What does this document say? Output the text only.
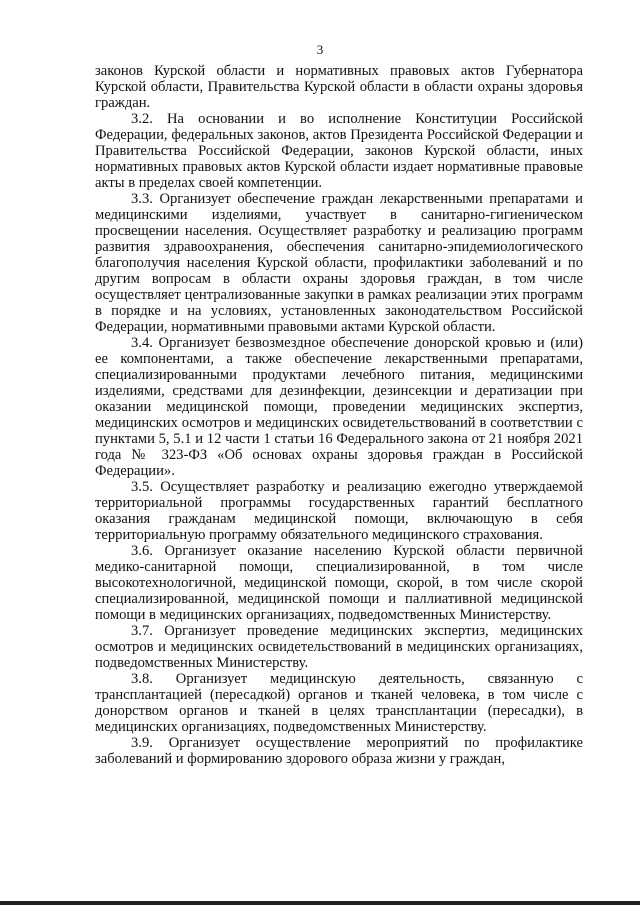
3

законов Курской области и нормативных правовых актов Губернатора Курской области, Правительства Курской области в области охраны здоровья граждан.

3.2. На основании и во исполнение Конституции Российской Федерации, федеральных законов, актов Президента Российской Федерации и Правительства Российской Федерации, законов Курской области, иных нормативных правовых актов Курской области издает нормативные правовые акты в пределах своей компетенции.

3.3. Организует обеспечение граждан лекарственными препаратами и медицинскими изделиями, участвует в санитарно-гигиеническом просвещении населения. Осуществляет разработку и реализацию программ развития здравоохранения, обеспечения санитарно-эпидемиологического благополучия населения Курской области, профилактики заболеваний и по другим вопросам в области охраны здоровья граждан, в том числе осуществляет централизованные закупки в рамках реализации этих программ в порядке и на условиях, установленных законодательством Российской Федерации, нормативными правовыми актами Курской области.

3.4. Организует безвозмездное обеспечение донорской кровью и (или) ее компонентами, а также обеспечение лекарственными препаратами, специализированными продуктами лечебного питания, медицинскими изделиями, средствами для дезинфекции, дезинсекции и дератизации при оказании медицинской помощи, проведении медицинских экспертиз, медицинских осмотров и медицинских освидетельствований в соответствии с пунктами 5, 5.1 и 12 части 1 статьи 16 Федерального закона от 21 ноября 2021 года № 323-ФЗ «Об основах охраны здоровья граждан в Российской Федерации».

3.5. Осуществляет разработку и реализацию ежегодно утверждаемой территориальной программы государственных гарантий бесплатного оказания гражданам медицинской помощи, включающую в себя территориальную программу обязательного медицинского страхования.

3.6. Организует оказание населению Курской области первичной медико-санитарной помощи, специализированной, в том числе высокотехнологичной, медицинской помощи, скорой, в том числе скорой специализированной, медицинской помощи и паллиативной медицинской помощи в медицинских организациях, подведомственных Министерству.

3.7. Организует проведение медицинских экспертиз, медицинских осмотров и медицинских освидетельствований в медицинских организациях, подведомственных Министерству.

3.8. Организует медицинскую деятельность, связанную с трансплантацией (пересадкой) органов и тканей человека, в том числе с донорством органов и тканей в целях трансплантации (пересадки), в медицинских организациях, подведомственных Министерству.

3.9. Организует осуществление мероприятий по профилактике заболеваний и формированию здорового образа жизни у граждан,
